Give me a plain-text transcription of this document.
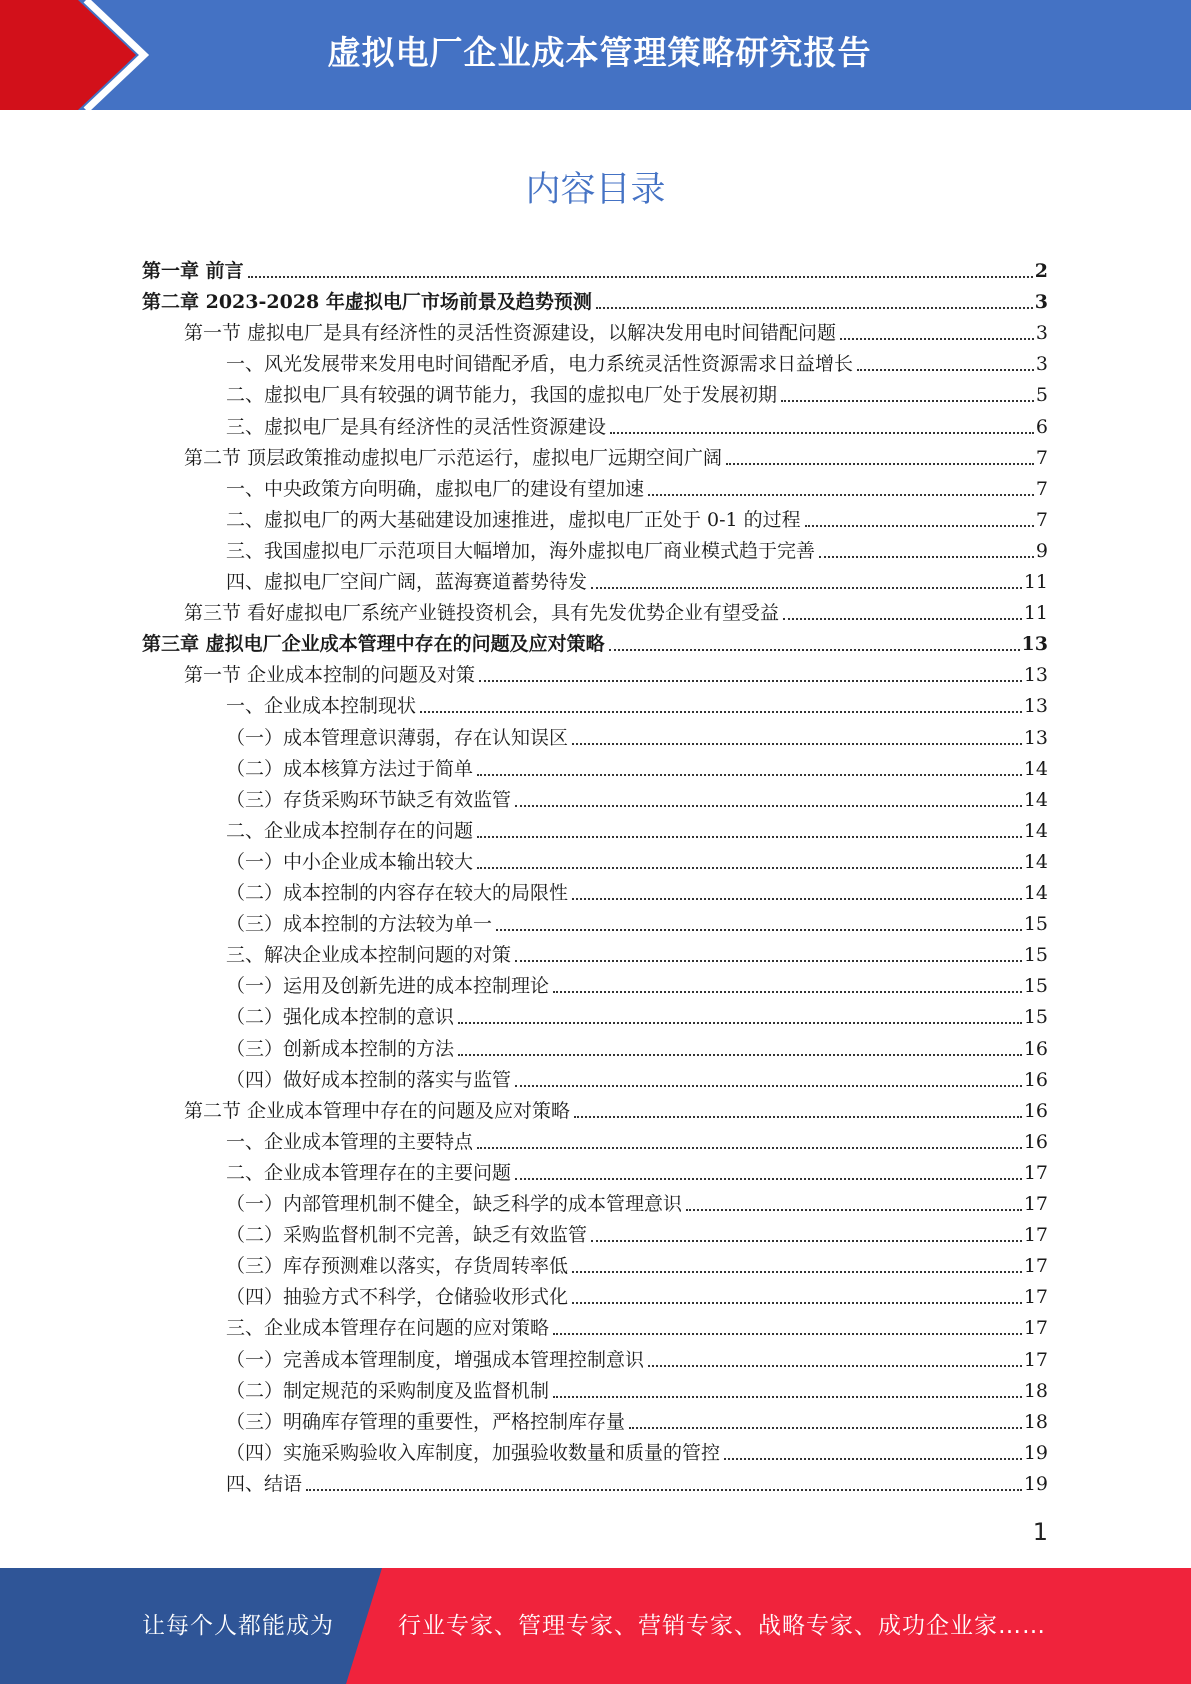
虚拟电厂企业成本管理策略研究报告
内容目录
第一章 前言	2
第二章 2023-2028 年虚拟电厂市场前景及趋势预测	3
第一节 虚拟电厂是具有经济性的灵活性资源建设，以解决发用电时间错配问题	3
一、风光发展带来发用电时间错配矛盾，电力系统灵活性资源需求日益增长	3
二、虚拟电厂具有较强的调节能力，我国的虚拟电厂处于发展初期	5
三、虚拟电厂是具有经济性的灵活性资源建设	6
第二节 顶层政策推动虚拟电厂示范运行，虚拟电厂远期空间广阔	7
一、中央政策方向明确，虚拟电厂的建设有望加速	7
二、虚拟电厂的两大基础建设加速推进，虚拟电厂正处于 0-1 的过程	7
三、我国虚拟电厂示范项目大幅增加，海外虚拟电厂商业模式趋于完善	9
四、虚拟电厂空间广阔，蓝海赛道蓄势待发	11
第三节 看好虚拟电厂系统产业链投资机会，具有先发优势企业有望受益	11
第三章 虚拟电厂企业成本管理中存在的问题及应对策略	13
第一节 企业成本控制的问题及对策	13
一、企业成本控制现状	13
（一）成本管理意识薄弱，存在认知误区	13
（二）成本核算方法过于简单	14
（三）存货采购环节缺乏有效监管	14
二、企业成本控制存在的问题	14
（一）中小企业成本输出较大	14
（二）成本控制的内容存在较大的局限性	14
（三）成本控制的方法较为单一	15
三、解决企业成本控制问题的对策	15
（一）运用及创新先进的成本控制理论	15
（二）强化成本控制的意识	15
（三）创新成本控制的方法	16
（四）做好成本控制的落实与监管	16
第二节 企业成本管理中存在的问题及应对策略	16
一、企业成本管理的主要特点	16
二、企业成本管理存在的主要问题	17
（一）内部管理机制不健全，缺乏科学的成本管理意识	17
（二）采购监督机制不完善，缺乏有效监管	17
（三）库存预测难以落实，存货周转率低	17
（四）抽验方式不科学，仓储验收形式化	17
三、企业成本管理存在问题的应对策略	17
（一）完善成本管理制度，增强成本管理控制意识	17
（二）制定规范的采购制度及监督机制	18
（三）明确库存管理的重要性，严格控制库存量	18
（四）实施采购验收入库制度，加强验收数量和质量的管控	19
四、结语	19
1
让每个人都能成为	行业专家、管理专家、营销专家、战略专家、成功企业家……
